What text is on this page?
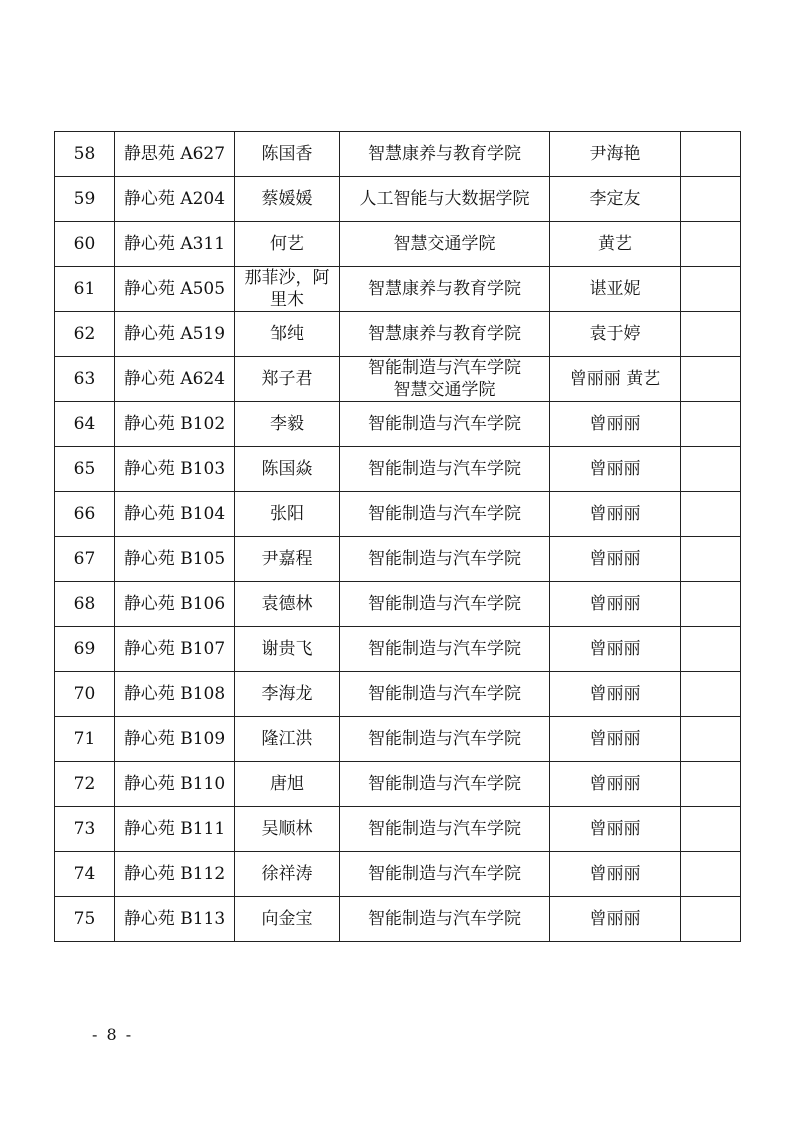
58	静思苑 A627	陈国香	智慧康养与教育学院	尹海艳	

59	静心苑 A204	蔡媛媛	人工智能与大数据学院	李定友	

60	静心苑 A311	何艺	智慧交通学院	黄艺	

61	静心苑 A505	那菲沙，阿
里木	智慧康养与教育学院	谌亚妮	

62	静心苑 A519	邹纯	智慧康养与教育学院	袁于婷	

63	静心苑 A624	郑子君	智能制造与汽车学院
智慧交通学院	曾丽丽 黄艺	

64	静心苑 B102	李毅	智能制造与汽车学院	曾丽丽	

65	静心苑 B103	陈国焱	智能制造与汽车学院	曾丽丽	

66	静心苑 B104	张阳	智能制造与汽车学院	曾丽丽	

67	静心苑 B105	尹嘉程	智能制造与汽车学院	曾丽丽	

68	静心苑 B106	袁德林	智能制造与汽车学院	曾丽丽	

69	静心苑 B107	谢贵飞	智能制造与汽车学院	曾丽丽	

70	静心苑 B108	李海龙	智能制造与汽车学院	曾丽丽	

71	静心苑 B109	隆江洪	智能制造与汽车学院	曾丽丽	

72	静心苑 B110	唐旭	智能制造与汽车学院	曾丽丽	

73	静心苑 B111	吴顺林	智能制造与汽车学院	曾丽丽	

74	静心苑 B112	徐祥涛	智能制造与汽车学院	曾丽丽	

75	静心苑 B113	向金宝	智能制造与汽车学院	曾丽丽	

- 8 -
